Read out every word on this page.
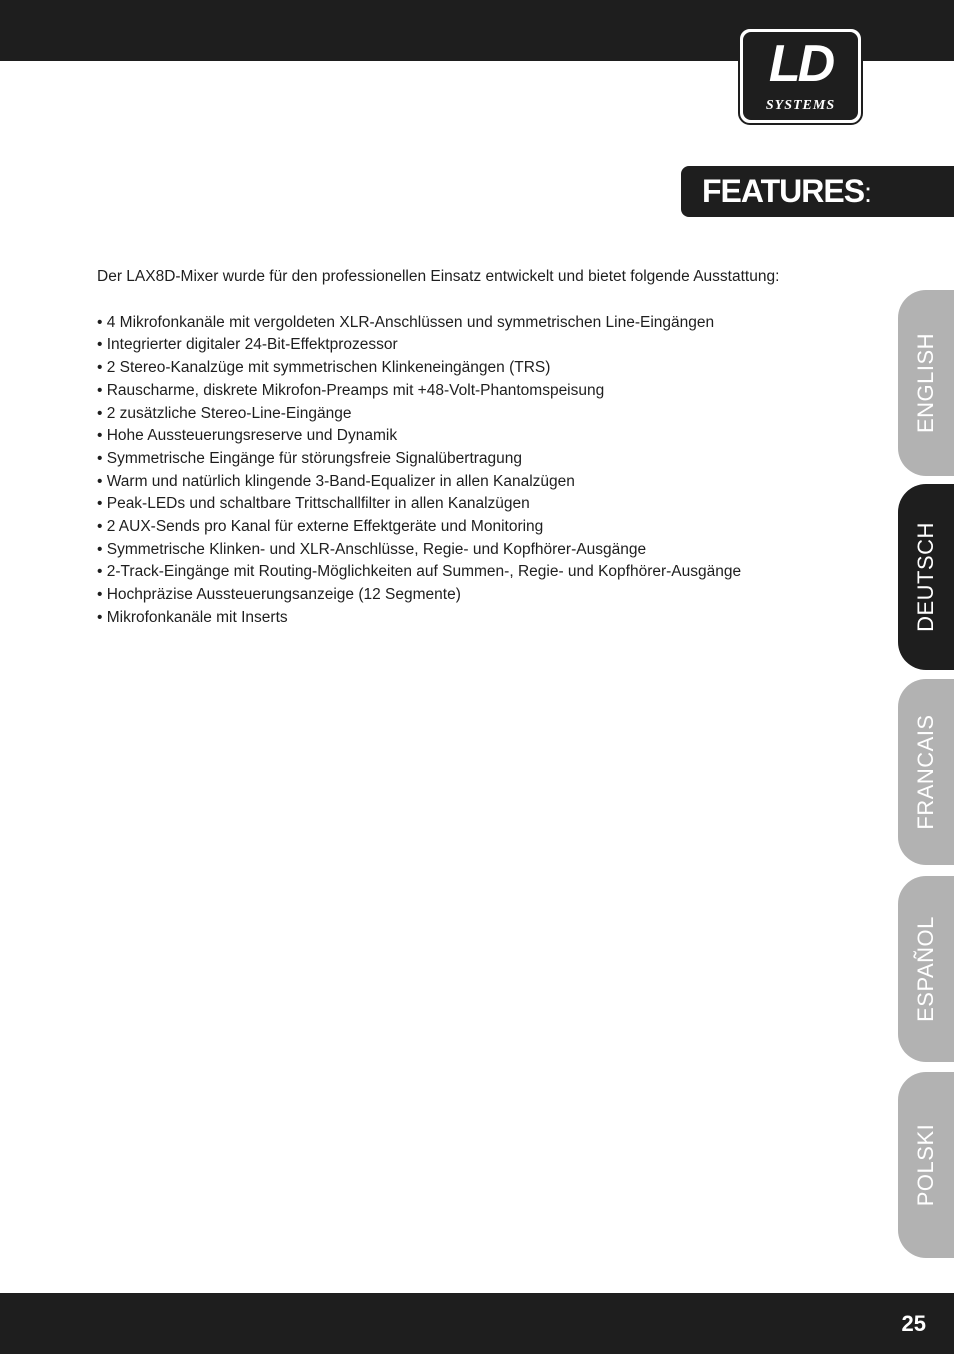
LD
SYSTEMS
FEATURES:

Der LAX8D-Mixer wurde für den professionellen Einsatz entwickelt und bietet folgende Ausstattung:

• 4 Mikrofonkanäle mit vergoldeten XLR-Anschlüssen und symmetrischen Line-Eingängen
• Integrierter digitaler 24-Bit-Effektprozessor
• 2 Stereo-Kanalzüge mit symmetrischen Klinkeneingängen (TRS)
• Rauscharme, diskrete Mikrofon-Preamps mit +48-Volt-Phantomspeisung
• 2 zusätzliche Stereo-Line-Eingänge
• Hohe Aussteuerungsreserve und Dynamik
• Symmetrische Eingänge für störungsfreie Signalübertragung
• Warm und natürlich klingende 3-Band-Equalizer in allen Kanalzügen
• Peak-LEDs und schaltbare Trittschallfilter in allen Kanalzügen
• 2 AUX-Sends pro Kanal für externe Effektgeräte und Monitoring
• Symmetrische Klinken- und XLR-Anschlüsse, Regie- und Kopfhörer-Ausgänge
• 2-Track-Eingänge mit Routing-Möglichkeiten auf Summen-, Regie- und Kopfhörer-Ausgänge
• Hochpräzise Aussteuerungsanzeige (12 Segmente)
• Mikrofonkanäle mit Inserts
ENGLISH
DEUTSCH
FRANCAIS
ESPAÑOL
POLSKI
25
